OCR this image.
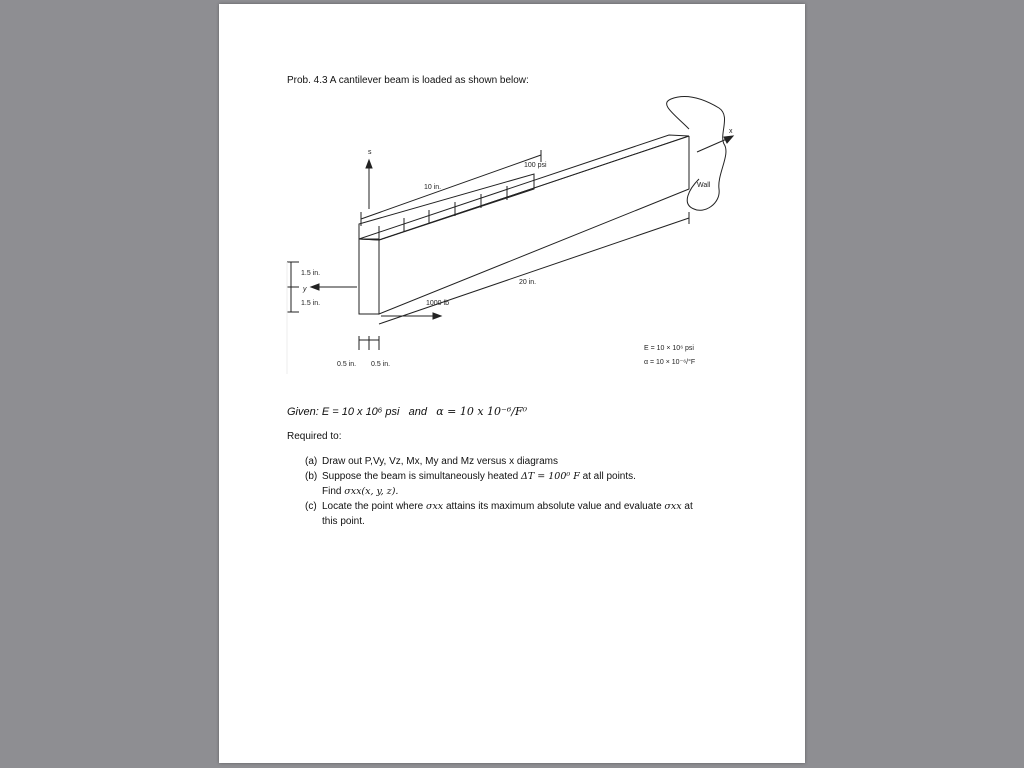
Prob. 4.3 A cantilever beam is loaded as shown below:
s
x
Wall
10 in.
100 psi
20 in.
1000 lb
1.5 in.
y
1.5 in.
0.5 in. 0.5 in.
E = 10 × 10⁶ psi
α = 10 × 10⁻⁶/°F
Given: E = 10 x 10⁶ psi and α = 10 x 10⁻⁶/F⁰
Required to:
(a) Draw out P,Vy, Vz, Mx, My and Mz versus x diagrams
(b) Suppose the beam is simultaneously heated ΔT = 100⁰ F at all points.
Find σxx(x, y, z).
(c) Locate the point where σxx attains its maximum absolute value and evaluate σxx at
this point.
